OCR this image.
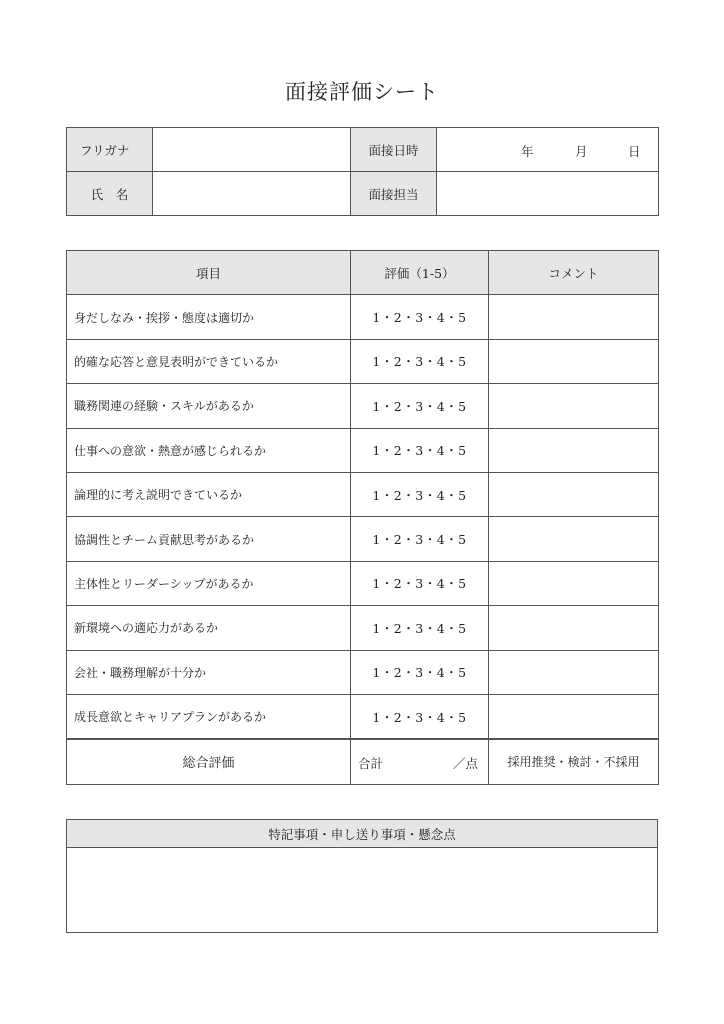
面接評価シート
フリガナ		面接日時	年 月 日

氏　名		面接担当	
項目	評価（1-5）	コメント
身だしなみ・挨拶・態度は適切か	1・2・3・4・5	
的確な応答と意見表明ができているか	1・2・3・4・5	
職務関連の経験・スキルがあるか	1・2・3・4・5	
仕事への意欲・熱意が感じられるか	1・2・3・4・5	
論理的に考え説明できているか	1・2・3・4・5	
協調性とチーム貢献思考があるか	1・2・3・4・5	
主体性とリーダーシップがあるか	1・2・3・4・5	
新環境への適応力があるか	1・2・3・4・5	
会社・職務理解が十分か	1・2・3・4・5	
成長意欲とキャリアプランがあるか	1・2・3・4・5	
総合評価	合計 ／点	採用推奨・検討・不採用
特記事項・申し送り事項・懸念点
